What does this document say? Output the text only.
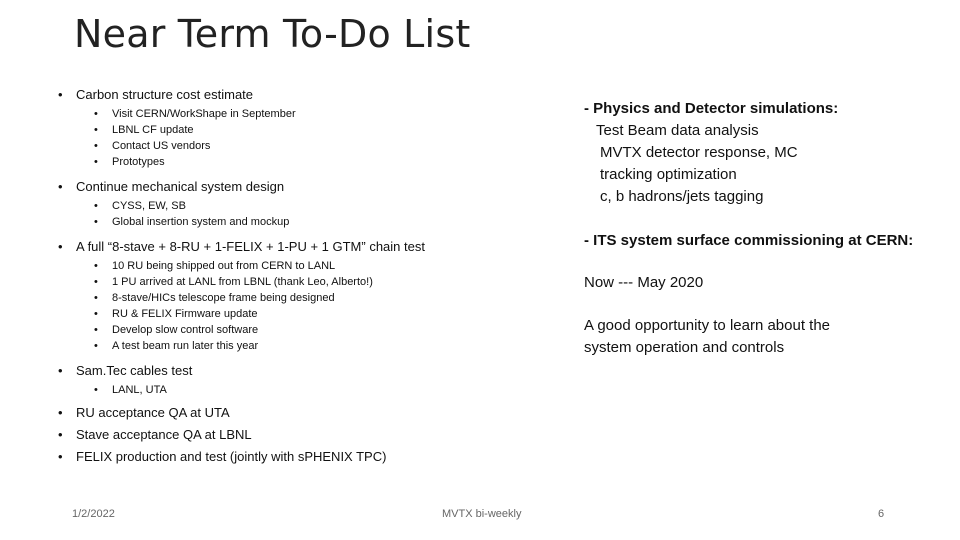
Near Term To-Do List
• Carbon structure cost estimate
• Visit CERN/WorkShape in September
• LBNL CF update
• Contact US vendors
• Prototypes
• Continue mechanical system design
• CYSS, EW, SB
• Global insertion system and mockup
• A full “8-stave + 8-RU + 1-FELIX + 1-PU + 1 GTM” chain test
• 10 RU being shipped out from CERN to LANL
• 1 PU arrived at LANL from LBNL (thank Leo, Alberto!)
• 8-stave/HICs telescope frame being designed
• RU & FELIX Firmware update
• Develop slow control software
• A test beam run later this year
• Sam.Tec cables test
• LANL, UTA
• RU acceptance QA at UTA
• Stave acceptance QA at LBNL
• FELIX production and test (jointly with sPHENIX TPC)
- Physics and Detector simulations:
Test Beam data analysis
MVTX detector response, MC
tracking optimization
c, b hadrons/jets tagging
- ITS system surface commissioning at CERN:
Now --- May 2020
A good opportunity to learn about the
system operation and controls
1/2/2022	MVTX bi-weekly	6
